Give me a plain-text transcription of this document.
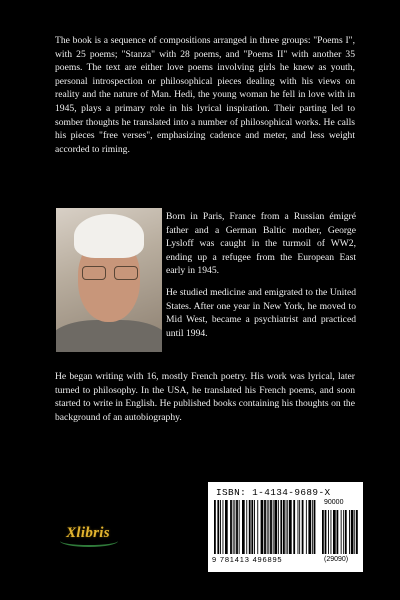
The book is a sequence of compositions arranged in three groups: "Poems I", with 25 poems; "Stanza" with 28 poems, and "Poems II" with another 35 poems. The text are either love poems involving girls he knew as youth, personal introspection or philosophical pieces dealing with his views on reality and the nature of Man. Hedi, the young woman he fell in love with in 1945, plays a primary role in his lyrical inspiration. Their parting led to somber thoughts he translated into a number of philosophical works. He calls his pieces "free verses", emphasizing cadence and meter, and less weight accorded to riming.

Born in Paris, France from a Russian émigré father and a German Baltic mother, George Lysloff was caught in the turmoil of WW2, ending up a refugee from the European East early in 1945.

He studied medicine and emigrated to the United States. After one year in New York, he moved to Mid West, became a psychiatrist and practiced until 1994.

He began writing with 16, mostly French poetry. His work was lyrical, later turned to philosophy. In the USA, he translated his French poems, and soon started to write in English. He published books containing his thoughts on the background of an autobiography.

Xlibris
ISBN: 1-4134-9689-X
90000
9 781413 496895	(29090)
